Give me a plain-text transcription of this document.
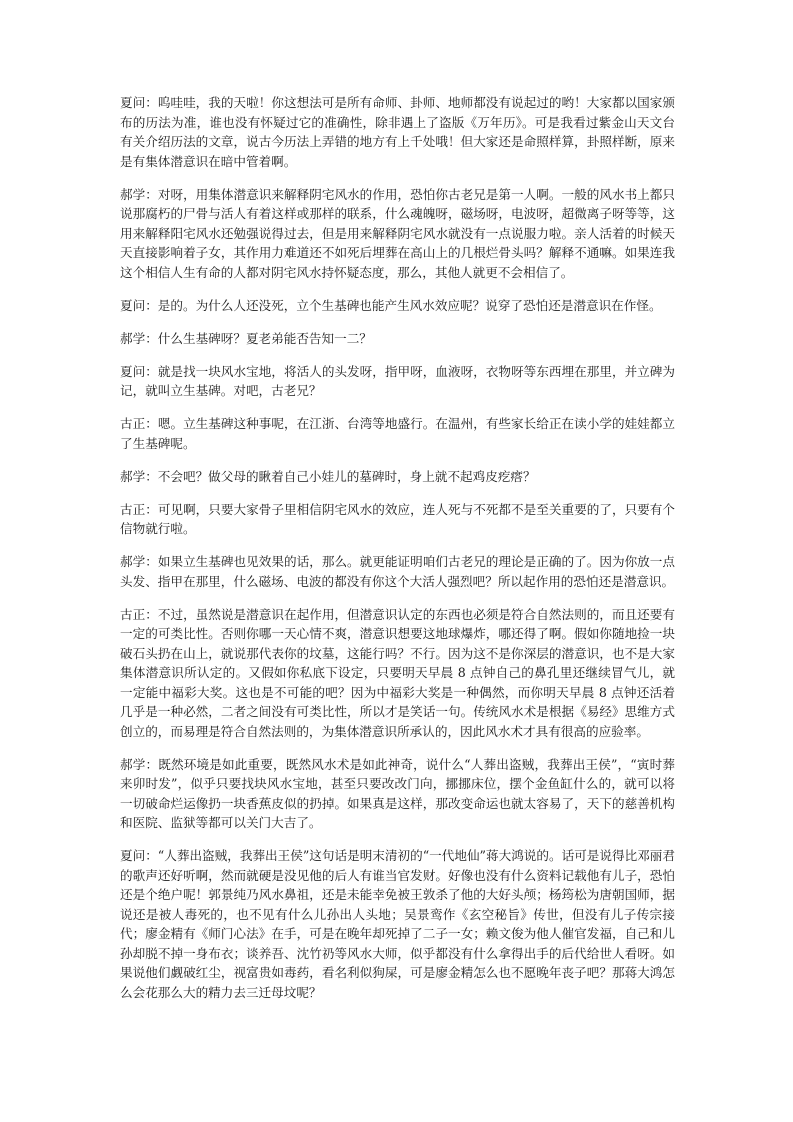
夏问：呜哇哇，我的天啦！你这想法可是所有命师、卦师、地师都没有说起过的哟！大家都以国家颁布的历法为准，谁也没有怀疑过它的准确性，除非遇上了盗版《万年历》。可是我看过紫金山天文台有关介绍历法的文章，说古今历法上弄错的地方有上千处哦！但大家还是命照样算，卦照样断，原来是有集体潜意识在暗中管着啊。

郝学：对呀，用集体潜意识来解释阴宅风水的作用，恐怕你古老兄是第一人啊。一般的风水书上都只说那腐朽的尸骨与活人有着这样或那样的联系，什么魂魄呀，磁场呀，电波呀，超微离子呀等等，这用来解释阳宅风水还勉强说得过去，但是用来解释阴宅风水就没有一点说服力啦。亲人活着的时候天天直接影响着子女，其作用力难道还不如死后埋葬在高山上的几根烂骨头吗？解释不通嘛。如果连我这个相信人生有命的人都对阴宅风水持怀疑态度，那么，其他人就更不会相信了。

夏问：是的。为什么人还没死，立个生基碑也能产生风水效应呢？说穿了恐怕还是潜意识在作怪。

郝学：什么生基碑呀？夏老弟能否告知一二？

夏问：就是找一块风水宝地，将活人的头发呀，指甲呀，血液呀，衣物呀等东西埋在那里，并立碑为记，就叫立生基碑。对吧，古老兄？

古正：嗯。立生基碑这种事呢，在江浙、台湾等地盛行。在温州，有些家长给正在读小学的娃娃都立了生基碑呢。

郝学：不会吧？做父母的瞅着自己小娃儿的墓碑时，身上就不起鸡皮疙瘩？

古正：可见啊，只要大家骨子里相信阴宅风水的效应，连人死与不死都不是至关重要的了，只要有个信物就行啦。

郝学：如果立生基碑也见效果的话，那么。就更能证明咱们古老兄的理论是正确的了。因为你放一点头发、指甲在那里，什么磁场、电波的都没有你这个大活人强烈吧？所以起作用的恐怕还是潜意识。

古正：不过，虽然说是潜意识在起作用，但潜意识认定的东西也必须是符合自然法则的，而且还要有一定的可类比性。否则你哪一天心情不爽，潜意识想要这地球爆炸，哪还得了啊。假如你随地捡一块破石头扔在山上，就说那代表你的坟墓，这能行吗？不行。因为这不是你深层的潜意识，也不是大家集体潜意识所认定的。又假如你私底下设定，只要明天早晨 8 点钟自己的鼻孔里还继续冒气儿，就一定能中福彩大奖。这也是不可能的吧？因为中福彩大奖是一种偶然，而你明天早晨 8 点钟还活着几乎是一种必然，二者之间没有可类比性，所以才是笑话一句。传统风水术是根据《易经》思维方式创立的，而易理是符合自然法则的，为集体潜意识所承认的，因此风水术才具有很高的应验率。

郝学：既然环境是如此重要，既然风水术是如此神奇，说什么“人葬出盗贼，我葬出王侯”，“寅时葬来卯时发”，似乎只要找块风水宝地，甚至只要改改门向，挪挪床位，摆个金鱼缸什么的，就可以将一切破命烂运像扔一块香蕉皮似的扔掉。如果真是这样，那改变命运也就太容易了，天下的慈善机构和医院、监狱等都可以关门大吉了。

夏问：“人葬出盗贼，我葬出王侯”这句话是明末清初的“一代地仙”蒋大鸿说的。话可是说得比邓丽君的歌声还好听啊，然而就硬是没见他的后人有谁当官发财。好像也没有什么资料记载他有儿子，恐怕还是个绝户呢！郭景纯乃风水鼻祖，还是未能幸免被王敦杀了他的大好头颅；杨筠松为唐朝国师，据说还是被人毒死的，也不见有什么儿孙出人头地；吴景鸾作《玄空秘旨》传世，但没有儿子传宗接代；廖金精有《师门心法》在手，可是在晚年却死掉了二子一女；赖文俊为他人催官发福，自己和儿孙却脱不掉一身布衣；谈养吾、沈竹礽等风水大师，似乎都没有什么拿得出手的后代给世人看呀。如果说他们觑破红尘，视富贵如毒药，看名利似狗屎，可是廖金精怎么也不愿晚年丧子吧？那蒋大鸿怎么会花那么大的精力去三迁母坟呢？
